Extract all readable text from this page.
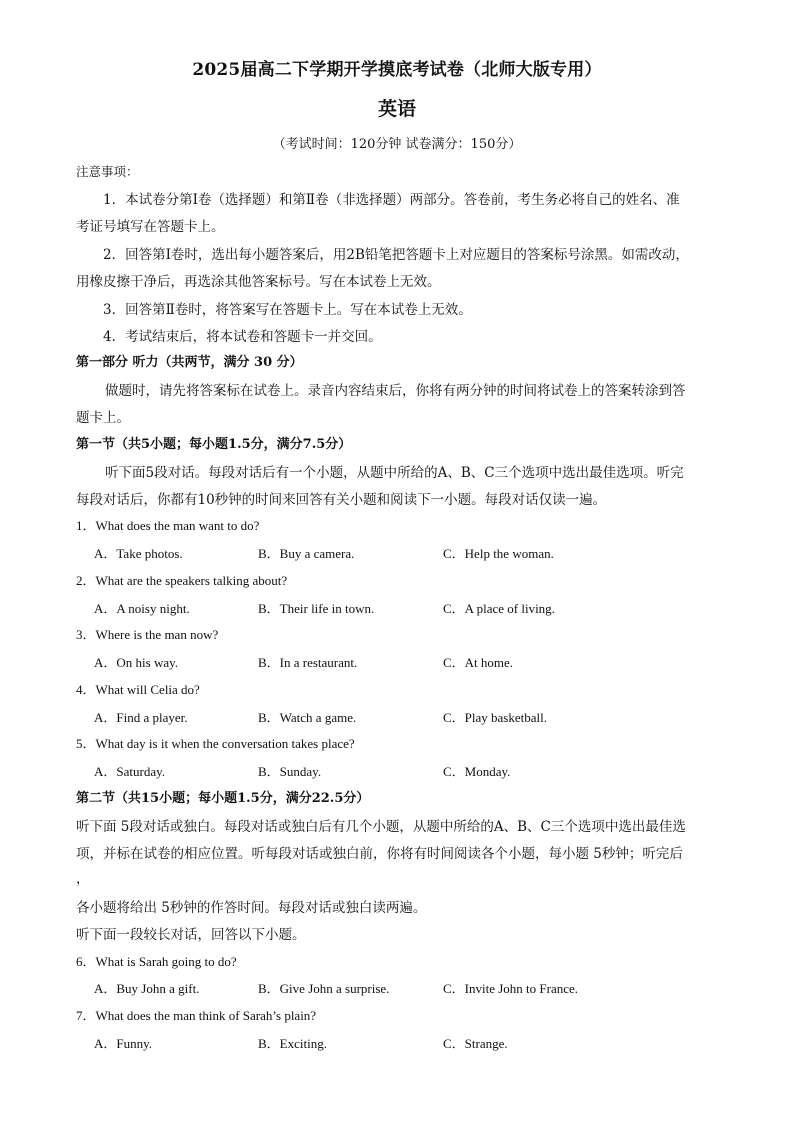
2025届高二下学期开学摸底考试卷（北师大版专用）
英语
（考试时间：120分钟 试卷满分：150分）
注意事项：
1．本试卷分第Ⅰ卷（选择题）和第Ⅱ卷（非选择题）两部分。答卷前，考生务必将自己的姓名、准
考证号填写在答题卡上。
2．回答第Ⅰ卷时，选出每小题答案后，用2B铅笔把答题卡上对应题目的答案标号涂黑。如需改动，
用橡皮擦干净后，再选涂其他答案标号。写在本试卷上无效。
3．回答第Ⅱ卷时，将答案写在答题卡上。写在本试卷上无效。
4．考试结束后，将本试卷和答题卡一并交回。
第一部分 听力（共两节，满分 30 分）
做题时，请先将答案标在试卷上。录音内容结束后，你将有两分钟的时间将试卷上的答案转涂到答
题卡上。
第一节（共5小题；每小题1.5分，满分7.5分）
听下面5段对话。每段对话后有一个小题，从题中所给的A、B、C三个选项中选出最佳选项。听完
每段对话后，你都有10秒钟的时间来回答有关小题和阅读下一小题。每段对话仅读一遍。
1．What does the man want to do?
A．Take photos.	B．Buy a camera.	C．Help the woman.
2．What are the speakers talking about?
A．A noisy night.	B．Their life in town.	C．A place of living.
3．Where is the man now?
A．On his way.	B．In a restaurant.	C．At home.
4．What will Celia do?
A．Find a player.	B．Watch a game.	C．Play basketball.
5．What day is it when the conversation takes place?
A．Saturday.	B．Sunday.	C．Monday.
第二节（共15小题；每小题1.5分，满分22.5分）
听下面 5段对话或独白。每段对话或独白后有几个小题，从题中所给的A、B、C三个选项中选出最佳选
项，并标在试卷的相应位置。听每段对话或独白前，你将有时间阅读各个小题，每小题 5秒钟；听完后
，
各小题将给出 5秒钟的作答时间。每段对话或独白读两遍。
听下面一段较长对话，回答以下小题。
6．What is Sarah going to do?
A．Buy John a gift.	B．Give John a surprise.	C．Invite John to France.
7．What does the man think of Sarah’s plain?
A．Funny.	B．Exciting.	C．Strange.
